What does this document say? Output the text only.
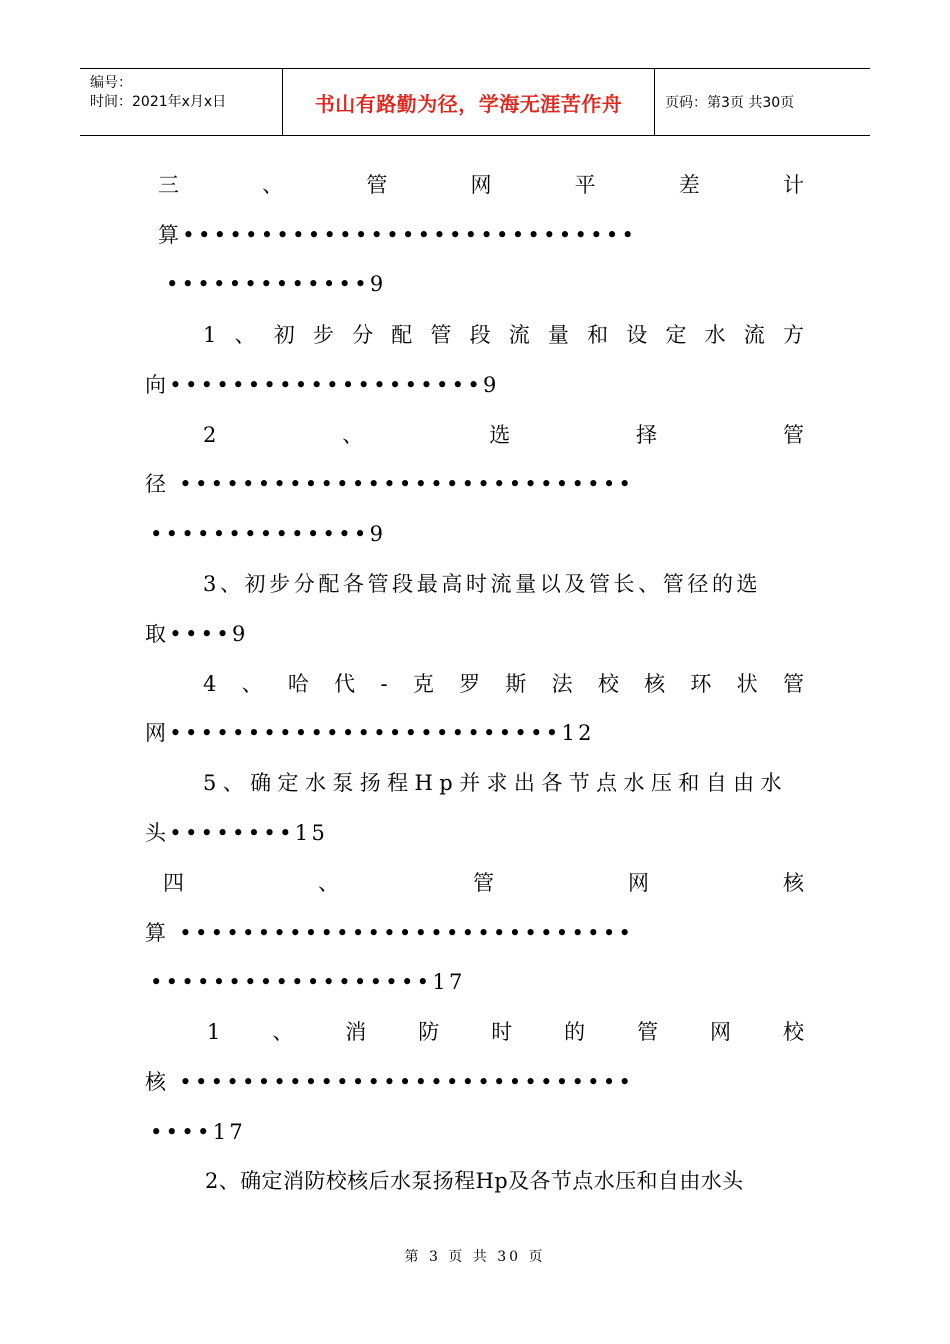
编号：
时间：2021年x月x日	书山有路勤为径，学海无涯苦作舟	页码：第3页 共30页
三	、	管	网	平	差	计
算•••••••••••••••••••••••••••••
•••••••••••••9
1 、 初 步 分 配 管 段 流 量 和 设 定 水 流 方
向••••••••••••••••••••9
2	、	选	择	管
径 •••••••••••••••••••••••••••••
••••••••••••••9
3、初步分配各管段最高时流量以及管长、管径的选
取••••9
4 、 哈 代 - 克 罗 斯 法 校 核 环 状 管
网•••••••••••••••••••••••••12
5、确定水泵扬程Hp并求出各节点水压和自由水
头••••••••15
四	、	管	网	核
算 •••••••••••••••••••••••••••••
••••••••••••••••••17
1 、 消 防 时 的 管 网 校
核 •••••••••••••••••••••••••••••
••••17
2、确定消防校核后水泵扬程Hp及各节点水压和自由水头
第 3 页 共 30 页
